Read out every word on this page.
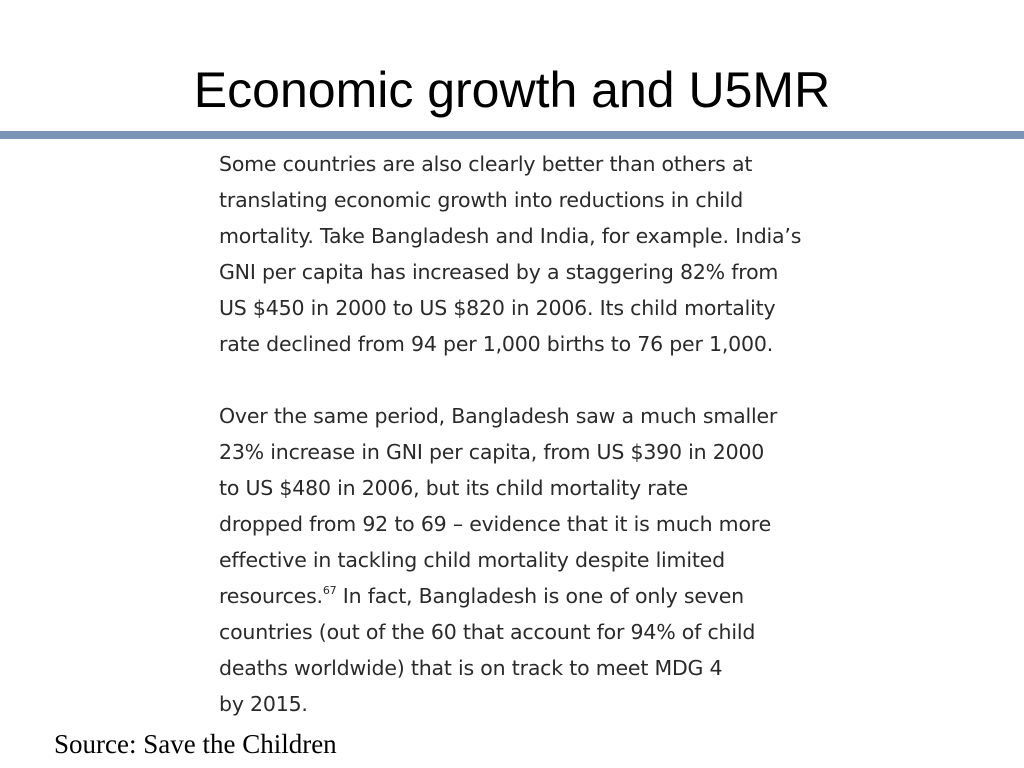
Economic growth and U5MR
Some countries are also clearly better than others at
translating economic growth into reductions in child
mortality. Take Bangladesh and India, for example. India’s
GNI per capita has increased by a staggering 82% from
US $450 in 2000 to US $820 in 2006. Its child mortality
rate declined from 94 per 1,000 births to 76 per 1,000.
Over the same period, Bangladesh saw a much smaller
23% increase in GNI per capita, from US $390 in 2000
to US $480 in 2006, but its child mortality rate
dropped from 92 to 69 – evidence that it is much more
effective in tackling child mortality despite limited
resources.$^{67}$ In fact, Bangladesh is one of only seven
countries (out of the 60 that account for 94% of child
deaths worldwide) that is on track to meet MDG 4
by 2015.
Source: Save the Children
